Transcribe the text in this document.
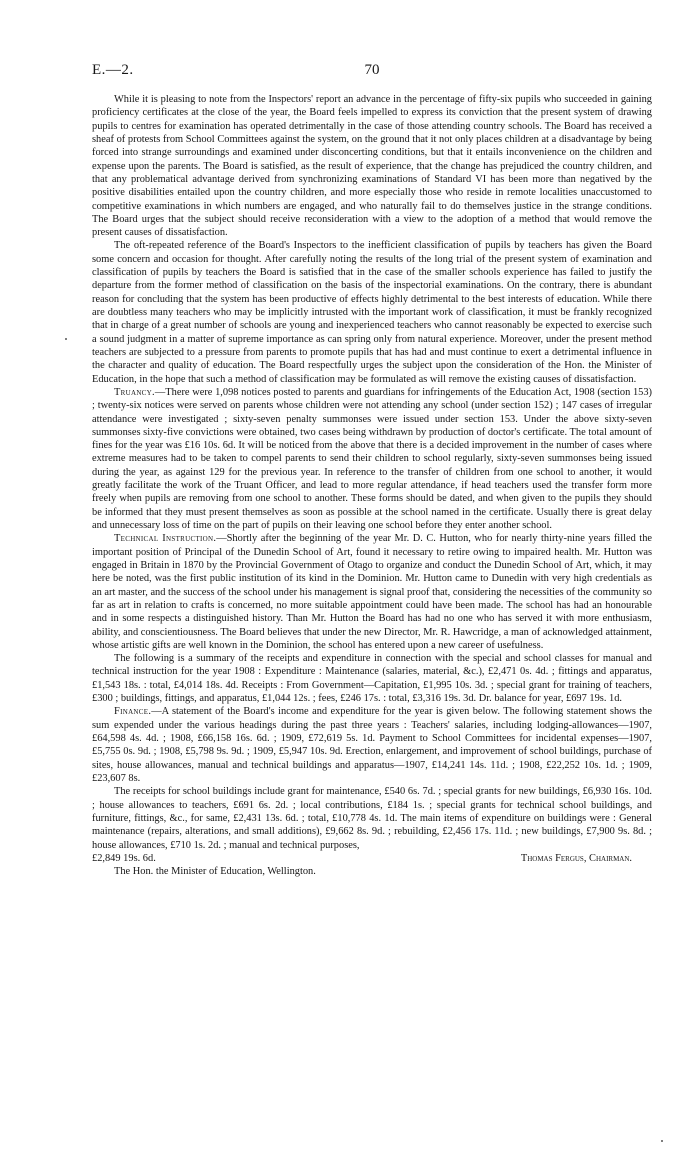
E.—2.	70

While it is pleasing to note from the Inspectors' report an advance in the percentage of fifty-six pupils who succeeded in gaining proficiency certificates at the close of the year, the Board feels impelled to express its conviction that the present system of drawing pupils to centres for examination has operated detrimentally in the case of those attending country schools. The Board has received a sheaf of protests from School Committees against the system, on the ground that it not only places children at a disadvantage by being forced into strange surroundings and examined under disconcerting conditions, but that it entails inconvenience on the children and expense upon the parents. The Board is satisfied, as the result of experience, that the change has prejudiced the country children, and that any problematical advantage derived from synchronizing examinations of Standard VI has been more than negatived by the positive disabilities entailed upon the country children, and more especially those who reside in remote localities unaccustomed to competitive examinations in which numbers are engaged, and who naturally fail to do themselves justice in the strange conditions. The Board urges that the subject should receive reconsideration with a view to the adoption of a method that would remove the present causes of dissatisfaction.

The oft-repeated reference of the Board's Inspectors to the inefficient classification of pupils by teachers has given the Board some concern and occasion for thought. After carefully noting the results of the long trial of the present system of examination and classification of pupils by teachers the Board is satisfied that in the case of the smaller schools experience has failed to justify the departure from the former method of classification on the basis of the inspectorial examinations. On the contrary, there is abundant reason for concluding that the system has been productive of effects highly detrimental to the best interests of education. While there are doubtless many teachers who may be implicitly intrusted with the important work of classification, it must be frankly recognized that in charge of a great number of schools are young and inexperienced teachers who cannot reasonably be expected to exercise such a sound judgment in a matter of supreme importance as can spring only from natural experience. Moreover, under the present method teachers are subjected to a pressure from parents to promote pupils that has had and must continue to exert a detrimental influence in the character and quality of education. The Board respectfully urges the subject upon the consideration of the Hon. the Minister of Education, in the hope that such a method of classification may be formulated as will remove the existing causes of dissatisfaction.

Truancy.—There were 1,098 notices posted to parents and guardians for infringements of the Education Act, 1908 (section 153) ; twenty-six notices were served on parents whose children were not attending any school (under section 152) ; 147 cases of irregular attendance were investigated ; sixty-seven penalty summonses were issued under section 153. Under the above sixty-seven summonses sixty-five convictions were obtained, two cases being withdrawn by production of doctor's certificate. The total amount of fines for the year was £16 10s. 6d. It will be noticed from the above that there is a decided improvement in the number of cases where extreme measures had to be taken to compel parents to send their children to school regularly, sixty-seven summonses being issued during the year, as against 129 for the previous year. In reference to the transfer of children from one school to another, it would greatly facilitate the work of the Truant Officer, and lead to more regular attendance, if head teachers used the transfer form more freely when pupils are removing from one school to another. These forms should be dated, and when given to the pupils they should be informed that they must present themselves as soon as possible at the school named in the certificate. Usually there is great delay and unnecessary loss of time on the part of pupils on their leaving one school before they enter another school.

Technical Instruction.—Shortly after the beginning of the year Mr. D. C. Hutton, who for nearly thirty-nine years filled the important position of Principal of the Dunedin School of Art, found it necessary to retire owing to impaired health. Mr. Hutton was engaged in Britain in 1870 by the Provincial Government of Otago to organize and conduct the Dunedin School of Art, which, it may here be noted, was the first public institution of its kind in the Dominion. Mr. Hutton came to Dunedin with very high credentials as an art master, and the success of the school under his management is signal proof that, considering the necessities of the community so far as art in relation to crafts is concerned, no more suitable appointment could have been made. The school has had an honourable and in some respects a distinguished history. Than Mr. Hutton the Board has had no one who has served it with more enthusiasm, ability, and conscientiousness. The Board believes that under the new Director, Mr. R. Hawcridge, a man of acknowledged attainment, whose artistic gifts are well known in the Dominion, the school has entered upon a new career of usefulness.

The following is a summary of the receipts and expenditure in connection with the special and school classes for manual and technical instruction for the year 1908 : Expenditure : Maintenance (salaries, material, &c.), £2,471 0s. 4d. ; fittings and apparatus, £1,543 18s. : total, £4,014 18s. 4d. Receipts : From Government—Capitation, £1,995 10s. 3d. ; special grant for training of teachers, £300 ; buildings, fittings, and apparatus, £1,044 12s. ; fees, £246 17s. : total, £3,316 19s. 3d. Dr. balance for year, £697 19s. 1d.

Finance.—A statement of the Board's income and expenditure for the year is given below. The following statement shows the sum expended under the various headings during the past three years : Teachers' salaries, including lodging-allowances—1907, £64,598 4s. 4d. ; 1908, £66,158 16s. 6d. ; 1909, £72,619 5s. 1d. Payment to School Committees for incidental expenses—1907, £5,755 0s. 9d. ; 1908, £5,798 9s. 9d. ; 1909, £5,947 10s. 9d. Erection, enlargement, and improvement of school buildings, purchase of sites, house allowances, manual and technical buildings and apparatus—1907, £14,241 14s. 11d. ; 1908, £22,252 10s. 1d. ; 1909, £23,607 8s.

The receipts for school buildings include grant for maintenance, £540 6s. 7d. ; special grants for new buildings, £6,930 16s. 10d. ; house allowances to teachers, £691 6s. 2d. ; local contributions, £184 1s. ; special grants for technical school buildings, and furniture, fittings, &c., for same, £2,431 13s. 6d. ; total, £10,778 4s. 1d. The main items of expenditure on buildings were : General maintenance (repairs, alterations, and small additions), £9,662 8s. 9d. ; rebuilding, £2,456 17s. 11d. ; new buildings, £7,900 9s. 8d. ; house allowances, £710 1s. 2d. ; manual and technical purposes,

£2,849 19s. 6d.	Thomas Fergus, Chairman.
The Hon. the Minister of Education, Wellington.
